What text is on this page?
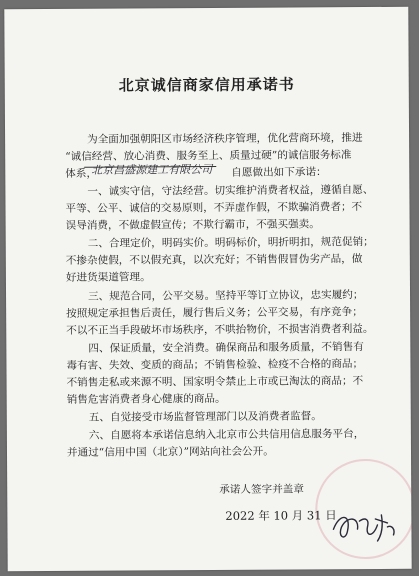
北京诚信商家信用承诺书
为全面加强朝阳区市场经济秩序管理，优化营商环境，推进
“诚信经营、放心消费、服务至上、质量过硬”的诚信服务标准
体系，
北京昌盛源建工有限公司 自愿做出如下承诺：
一、诚实守信，守法经营。切实维护消费者权益，遵循自愿、
平等、公平、诚信的交易原则，不弄虚作假，不欺骗消费者；不
误导消费，不做虚假宣传；不欺行霸市，不强买强卖。
二、合理定价，明码实价。明码标价，明折明扣，规范促销；
不掺杂使假，不以假充真，以次充好；不销售假冒伪劣产品，做
好进货渠道管理。
三、规范合同，公平交易。坚持平等订立协议，忠实履约；
按照规定承担售后责任，履行售后义务；公平交易，有序竞争；
不以不正当手段破坏市场秩序，不哄抬物价，不损害消费者利益。
四、保证质量，安全消费。确保商品和服务质量，不销售有
毒有害、失效、变质的商品；不销售检验、检疫不合格的商品；
不销售走私或来源不明、国家明令禁止上市或已淘汰的商品；不
销售危害消费者身心健康的商品。
五、自觉接受市场监督管理部门以及消费者监督。
六、自愿将本承诺信息纳入北京市公共信用信息服务平台，
并通过“信用中国（北京）”网站向社会公开。
承诺人签字并盖章
2022 年 10 月 31 日
